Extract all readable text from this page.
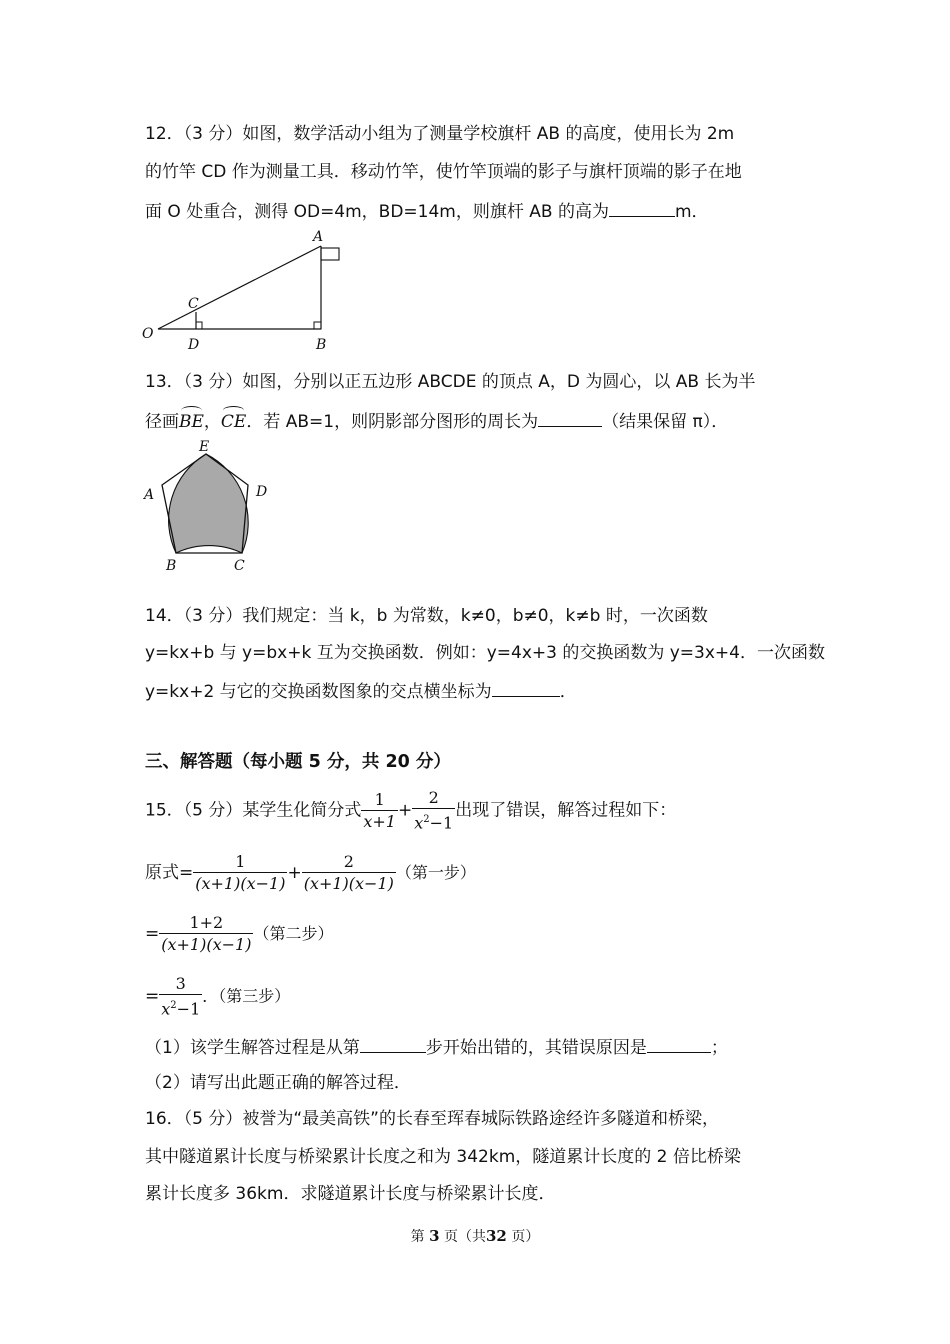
12．（3 分）如图，数学活动小组为了测量学校旗杆 AB 的高度，使用长为 2m
的竹竿 CD 作为测量工具．移动竹竿，使竹竿顶端的影子与旗杆顶端的影子在地
面 O 处重合，测得 OD=4m，BD=14m，则旗杆 AB 的高为	m．
A
B
C
D
O
13．（3 分）如图，分别以正五边形 ABCDE 的顶点 A，D 为圆心，以 AB 长为半
径画BE，CE．若 AB=1，则阴影部分图形的周长为	（结果保留 π）．
E
A	D
B	C
14．（3 分）我们规定：当 k，b 为常数，k≠0，b≠0，k≠b 时，一次函数
y=kx+b 与 y=bx+k 互为交换函数．例如：y=4x+3 的交换函数为 y=3x+4．一次函数
y=kx+2 与它的交换函数图象的交点横坐标为	．
三、解答题（每小题 5 分，共 20 分）
15．（5 分）某学生化简分式 $\frac{1}{x+1} + \frac{2}{x^2-1}$ 出现了错误，解答过程如下：
原式= $\frac{1}{(x+1)(x-1)} + \frac{2}{(x+1)(x-1)}$ （第一步）
= $\frac{1+2}{(x+1)(x-1)}$ （第二步）
= $\frac{3}{x^2-1}$ ．（第三步）
（1）该学生解答过程是从第	步开始出错的，其错误原因是	；
（2）请写出此题正确的解答过程．
16．（5 分）被誉为“最美高铁”的长春至珲春城际铁路途经许多隧道和桥梁，
其中隧道累计长度与桥梁累计长度之和为 342km，隧道累计长度的 2 倍比桥梁
累计长度多 36km．求隧道累计长度与桥梁累计长度．
第 3 页（共32 页）
